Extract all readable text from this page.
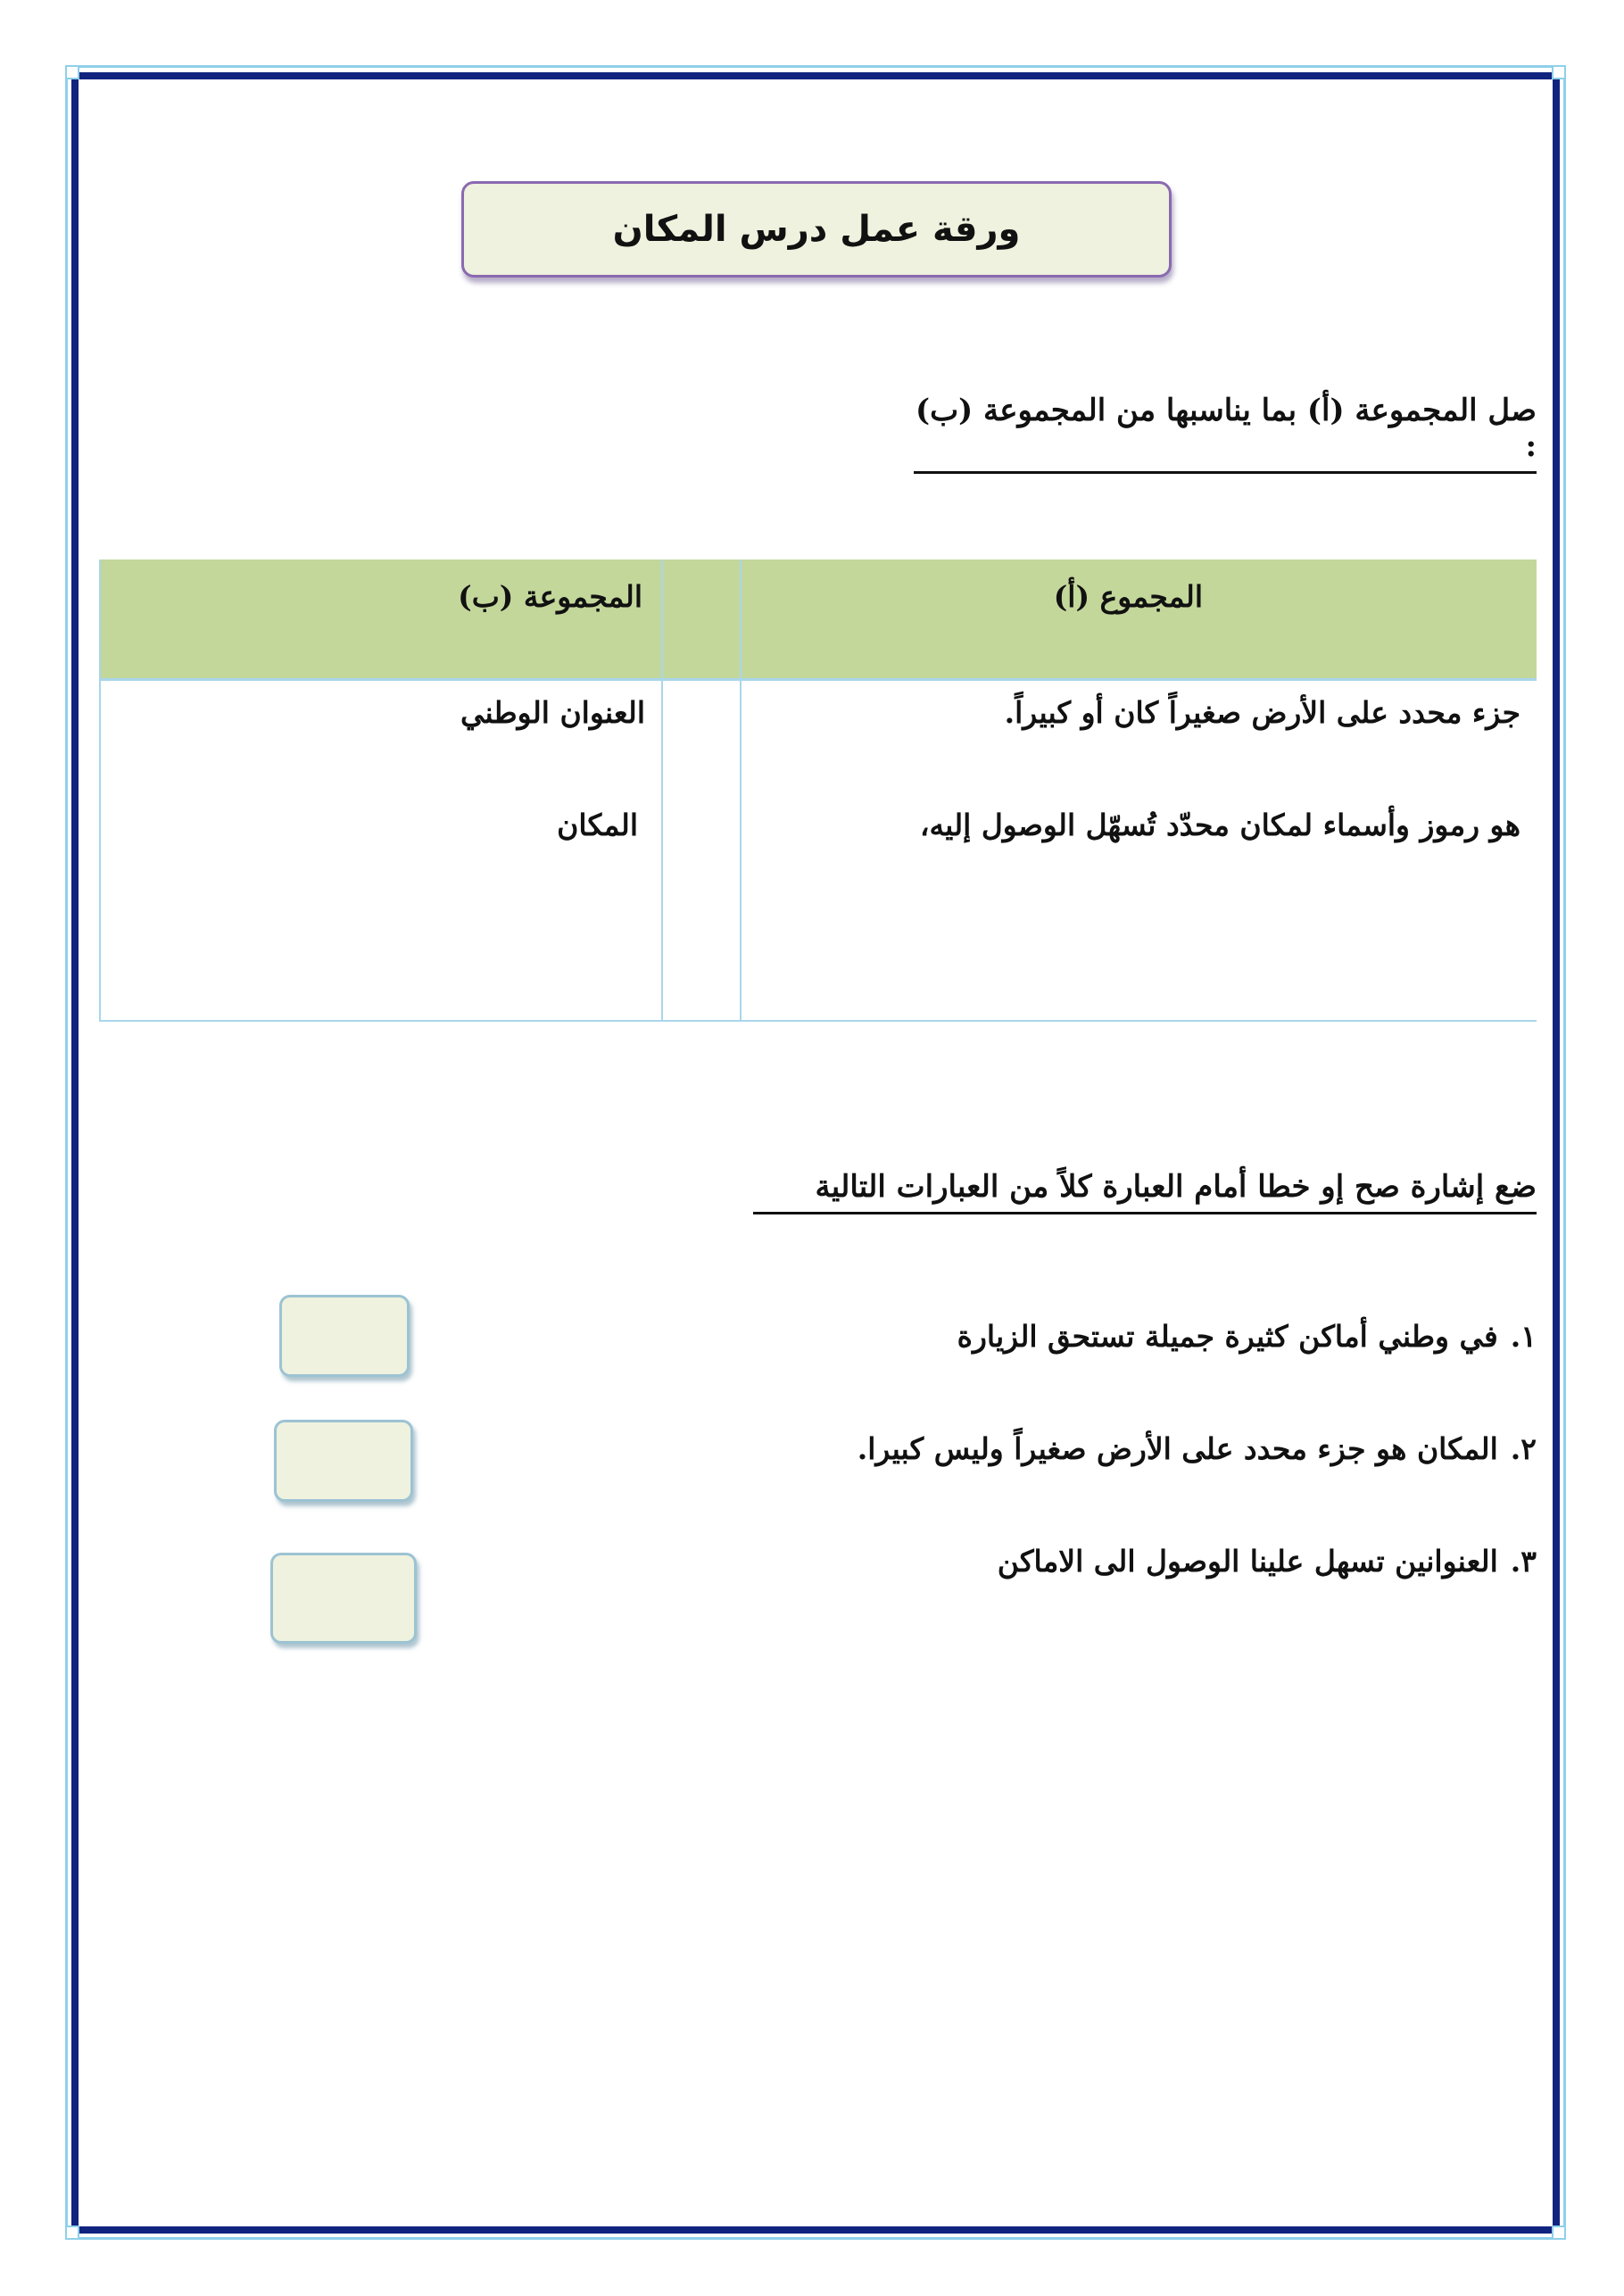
ورقة عمل درس المكان
صل المجموعة (أ) بما يناسبها من المجموعة (ب) :
المجموع (أ)
المجموعة (ب)
جزء محدد على الأرض صغيراً كان أو كبيراً.
هو رموز وأسماء لمكان محدّد تُسهّل الوصول إليه،
العنوان الوطني
المكان
ضع إشارة صح إو خطا أمام العبارة كلاً من العبارات التالية
١.في وطني أماكن كثيرة جميلة تستحق الزيارة
٢.المكان هو جزء محدد على الأرض صغيراً وليس كبيرا.
٣.العنوانين تسهل علينا الوصول الى الاماكن
